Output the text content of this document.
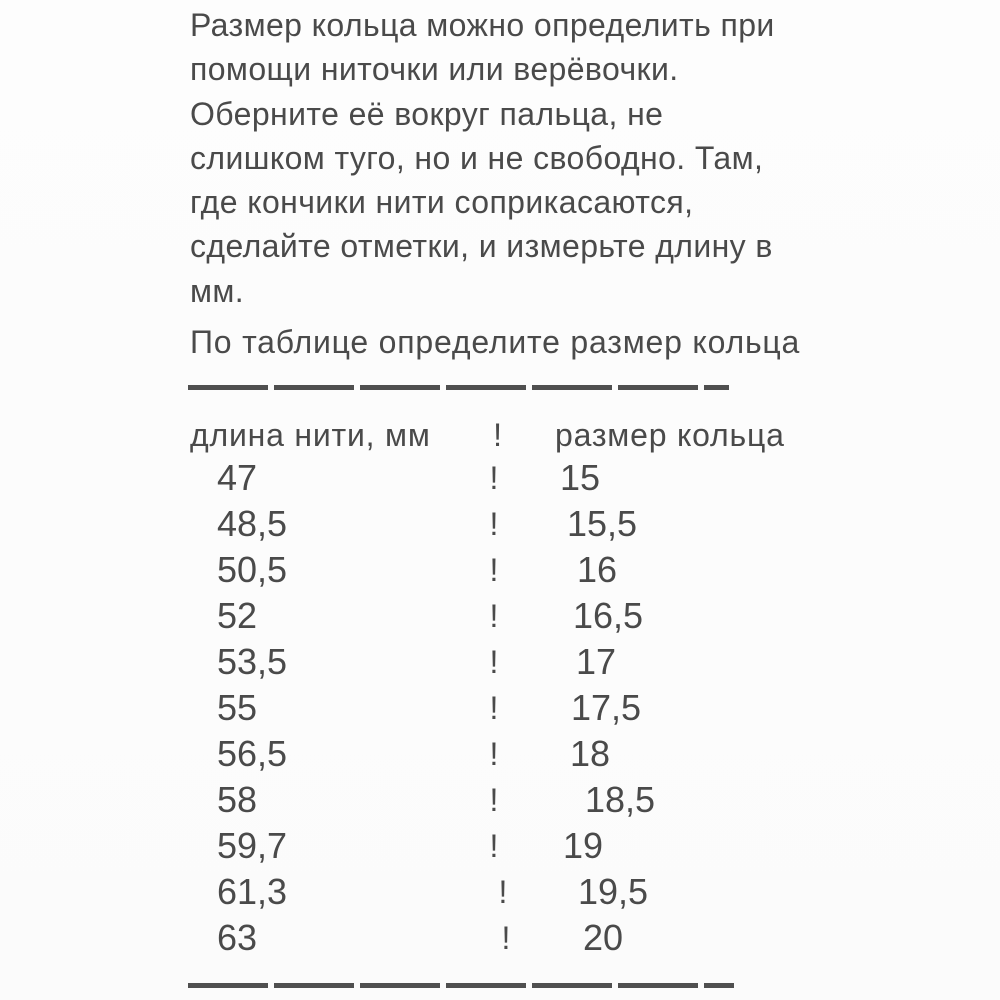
Размер кольца можно определить при
помощи ниточки или верёвочки.
Оберните её вокруг пальца, не
слишком туго, но и не свободно. Там,
где кончики нити соприкасаются,
сделайте отметки, и измерьте длину в
мм.
По таблице определите размер кольца
длина нити, мм	! размер кольца
47	! 15
48,5	! 15,5
50,5	! 16
52	! 16,5
53,5	! 17
55	! 17,5
56,5	! 18
58	! 18,5
59,7	! 19
61,3	! 19,5
63	! 20
